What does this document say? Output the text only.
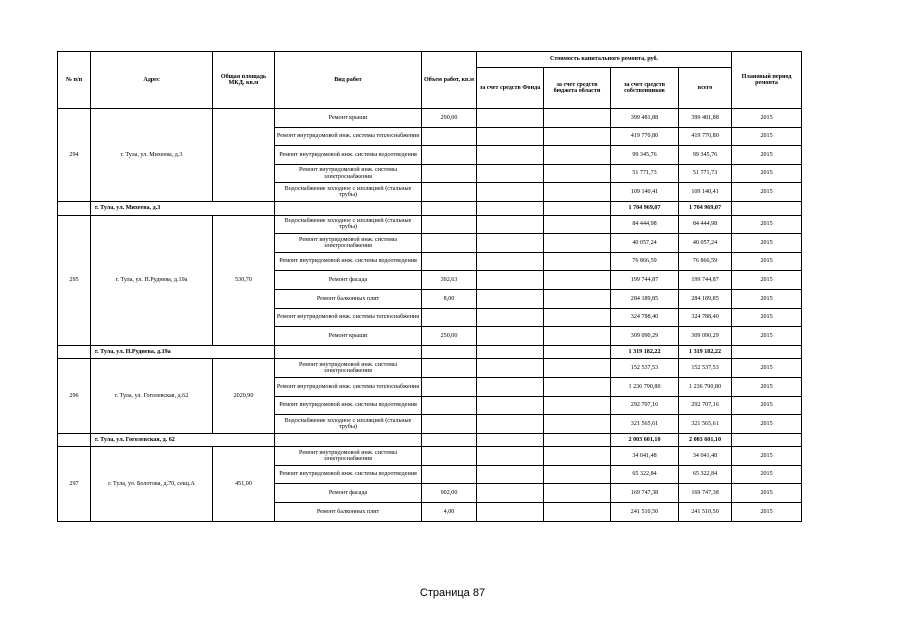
№ п/п	Адрес	Общая площадь МКД, кв.м	Вид работ	Объем работ, кв.м	Стоимость капитального ремонта, руб.				Плановый период ремонта
					за счет средств Фонда	за счет средств бюджета области	за счет средств собственников	всего	
294	г. Тула, ул. Михеева, д.3		Ремонт крыши	290,00			399 481,88	399 481,88	2015
			Ремонт внутридомовой инж. системы теплоснабжения				419 770,80	419 770,80	2015
			Ремонт внутридомовой инж. системы водоотведения				99 345,76	99 345,76	2015
			Ремонт внутридомовой инж. системы электроснабжения				51 771,73	51 771,73	2015
			Водоснабжение холодное с изоляцией (стальные трубы)				109 140,41	109 140,41	2015
	г. Тула, ул. Михеева, д.3						1 704 969,07	1 704 969,07	
295	г. Тула, ул. Н.Руднева, д.19а	530,70	Водоснабжение холодное с изоляцией (стальные трубы)				84 444,98	84 444,98	2015
			Ремонт внутридомовой инж. системы электроснабжения				40 057,24	40 057,24	2015
			Ремонт внутридомовой инж. системы водоотведения				76 866,59	76 866,59	2015
			Ремонт фасада	392,63			199 744,87	199 744,87	2015
			Ремонт балконных плит	8,00			284 189,85	284 189,85	2015
			Ремонт внутридомовой инж. системы теплоснабжения				324 788,40	324 788,40	2015
			Ремонт крыши	250,00			309 090,29	309 090,29	2015
	г. Тула, ул. Н.Руднева, д.19а						1 319 182,22	1 319 182,22	
296	г. Тула, ул. Гоголевская, д.62	2020,90	Ремонт внутридомовой инж. системы электроснабжения				152 537,53	152 537,53	2015
			Ремонт внутридомовой инж. системы теплоснабжения				1 236 790,80	1 236 790,80	2015
			Ремонт внутридомовой инж. системы водоотведения				292 707,16	292 707,16	2015
			Водоснабжение холодное с изоляцией (стальные трубы)				321 565,61	321 565,61	2015
	г. Тула, ул. Гоголевская, д. 62						2 003 601,10	2 003 601,10	
297	г. Тула, ул. Болотова, д.70, секц.А	451,00	Ремонт внутридомовой инж. системы электроснабжения				34 041,48	34 041,48	2015
			Ремонт внутридомовой инж. системы водоотведения				65 322,84	65 322,84	2015
			Ремонт фасада	902,00			169 747,38	169 747,38	2015
			Ремонт балконных плит	4,00			241 510,50	241 510,50	2015
Страница 87
